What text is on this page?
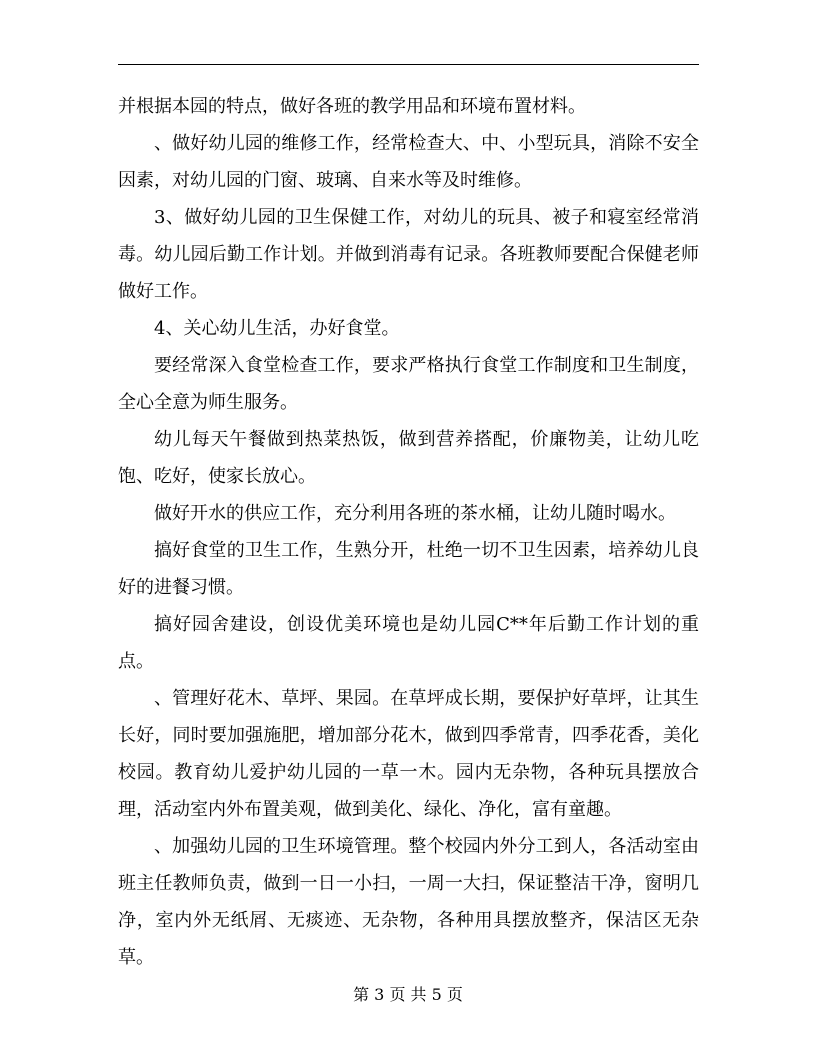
并根据本园的特点，做好各班的教学用品和环境布置材料。

、做好幼儿园的维修工作，经常检查大、中、小型玩具，消除不安全因素，对幼儿园的门窗、玻璃、自来水等及时维修。

3、做好幼儿园的卫生保健工作，对幼儿的玩具、被子和寝室经常消毒。幼儿园后勤工作计划。并做到消毒有记录。各班教师要配合保健老师做好工作。

4、关心幼儿生活，办好食堂。

要经常深入食堂检查工作，要求严格执行食堂工作制度和卫生制度，全心全意为师生服务。

幼儿每天午餐做到热菜热饭，做到营养搭配，价廉物美，让幼儿吃饱、吃好，使家长放心。

做好开水的供应工作，充分利用各班的茶水桶，让幼儿随时喝水。

搞好食堂的卫生工作，生熟分开，杜绝一切不卫生因素，培养幼儿良好的进餐习惯。

搞好园舍建设，创设优美环境也是幼儿园C**年后勤工作计划的重点。

、管理好花木、草坪、果园。在草坪成长期，要保护好草坪，让其生长好，同时要加强施肥，增加部分花木，做到四季常青，四季花香，美化校园。教育幼儿爱护幼儿园的一草一木。园内无杂物，各种玩具摆放合理，活动室内外布置美观，做到美化、绿化、净化，富有童趣。

、加强幼儿园的卫生环境管理。整个校园内外分工到人，各活动室由班主任教师负责，做到一日一小扫，一周一大扫，保证整洁干净，窗明几净，室内外无纸屑、无痰迹、无杂物，各种用具摆放整齐，保洁区无杂草。

第 3 页 共 5 页
